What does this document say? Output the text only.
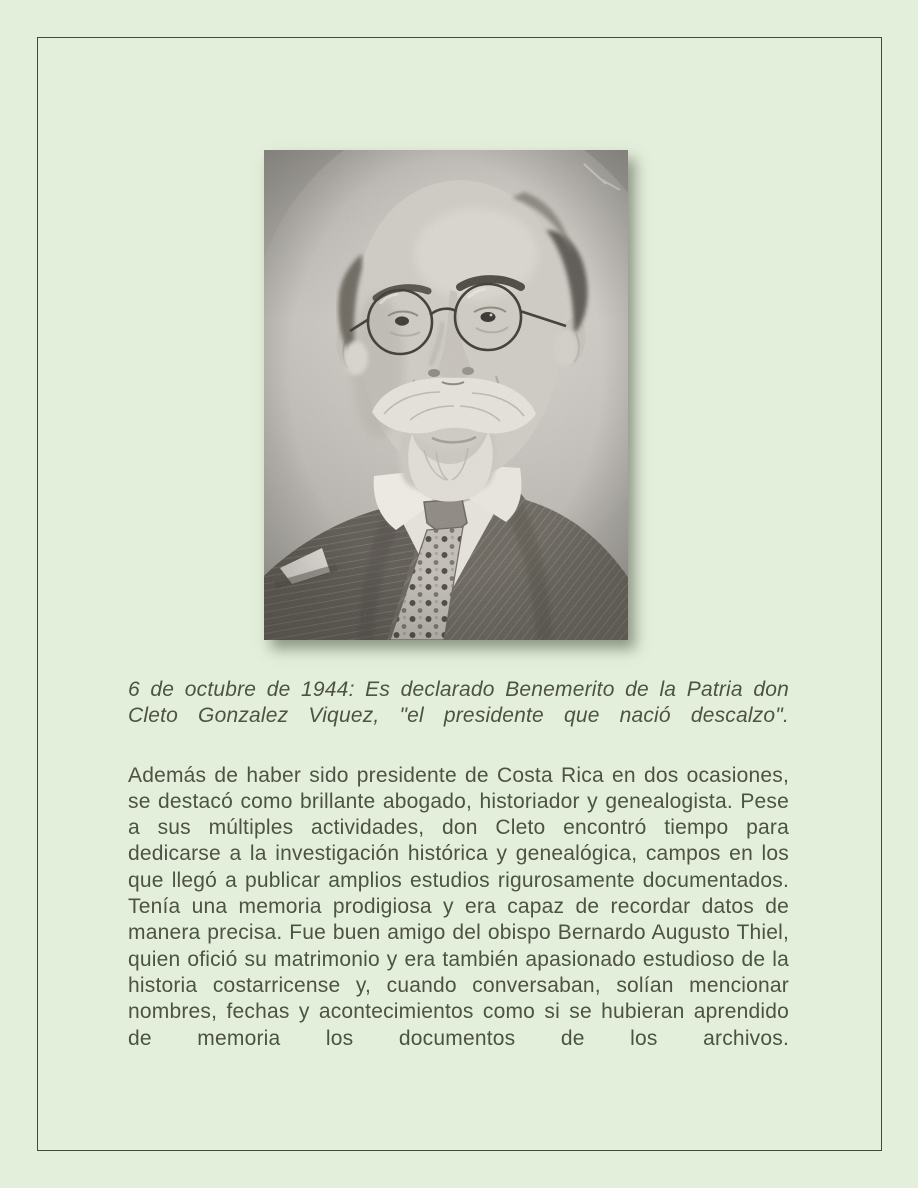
6 de octubre de 1944: Es declarado Benemerito de la Patria don Cleto Gonzalez Viquez, "el presidente que nació descalzo".

Además de haber sido presidente de Costa Rica en dos ocasiones, se destacó como brillante abogado, historiador y genealogista. Pese a sus múltiples actividades, don Cleto encontró tiempo para dedicarse a la investigación histórica y genealógica, campos en los que llegó a publicar amplios estudios rigurosamente documentados. Tenía una memoria prodigiosa y era capaz de recordar datos de manera precisa. Fue buen amigo del obispo Bernardo Augusto Thiel, quien ofició su matrimonio y era también apasionado estudioso de la historia costarricense y, cuando conversaban, solían mencionar nombres, fechas y acontecimientos como si se hubieran aprendido de memoria los documentos de los archivos.
